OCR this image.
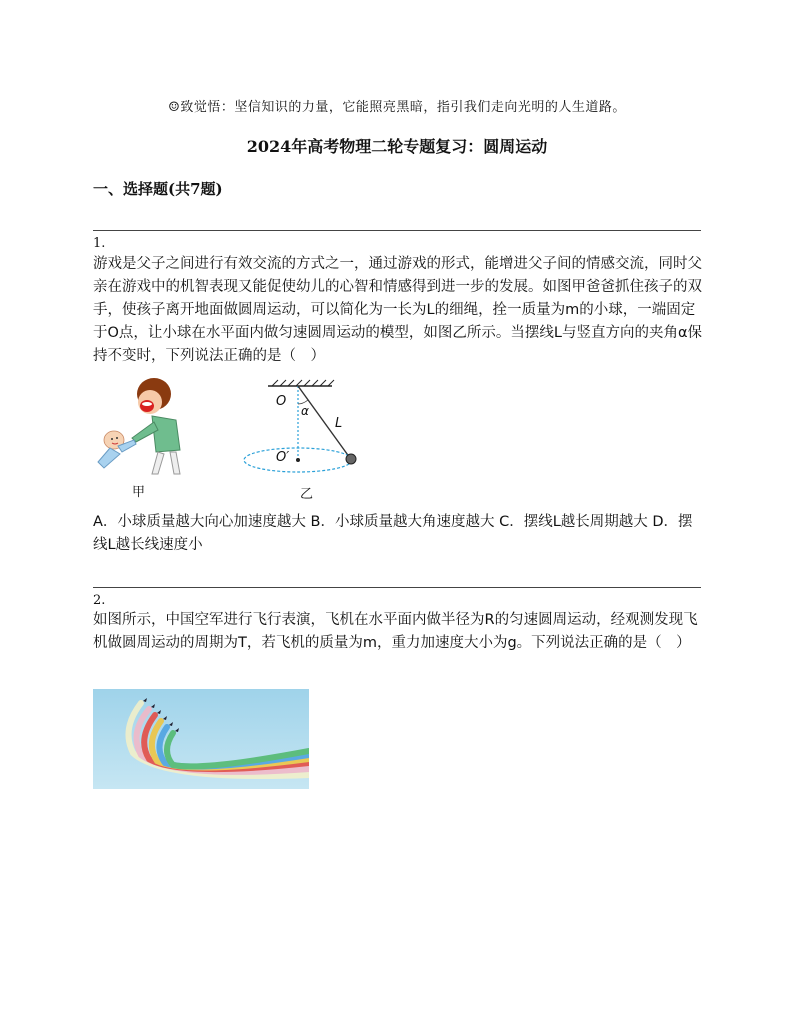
☺致觉悟：坚信知识的力量，它能照亮黑暗，指引我们走向光明的人生道路。
2024年高考物理二轮专题复习：圆周运动
一、选择题(共7题)
1.
游戏是父子之间进行有效交流的方式之一，通过游戏的形式，能增进父子间的情感交流，同时父亲在游戏中的机智表现又能促使幼儿的心智和情感得到进一步的发展。如图甲爸爸抓住孩子的双手，使孩子离开地面做圆周运动，可以简化为一长为L的细绳，拴一质量为m的小球，一端固定于O点，让小球在水平面内做匀速圆周运动的模型，如图乙所示。当摆线L与竖直方向的夹角α保持不变时，下列说法正确的是（　）
甲
O
α
L
O′
乙
A．小球质量越大向心加速度越大 B．小球质量越大角速度越大 C．摆线L越长周期越大 D．摆线L越长线速度小
2.
如图所示，中国空军进行飞行表演，飞机在水平面内做半径为R的匀速圆周运动，经观测发现飞机做圆周运动的周期为T，若飞机的质量为m，重力加速度大小为g。下列说法正确的是（　）
